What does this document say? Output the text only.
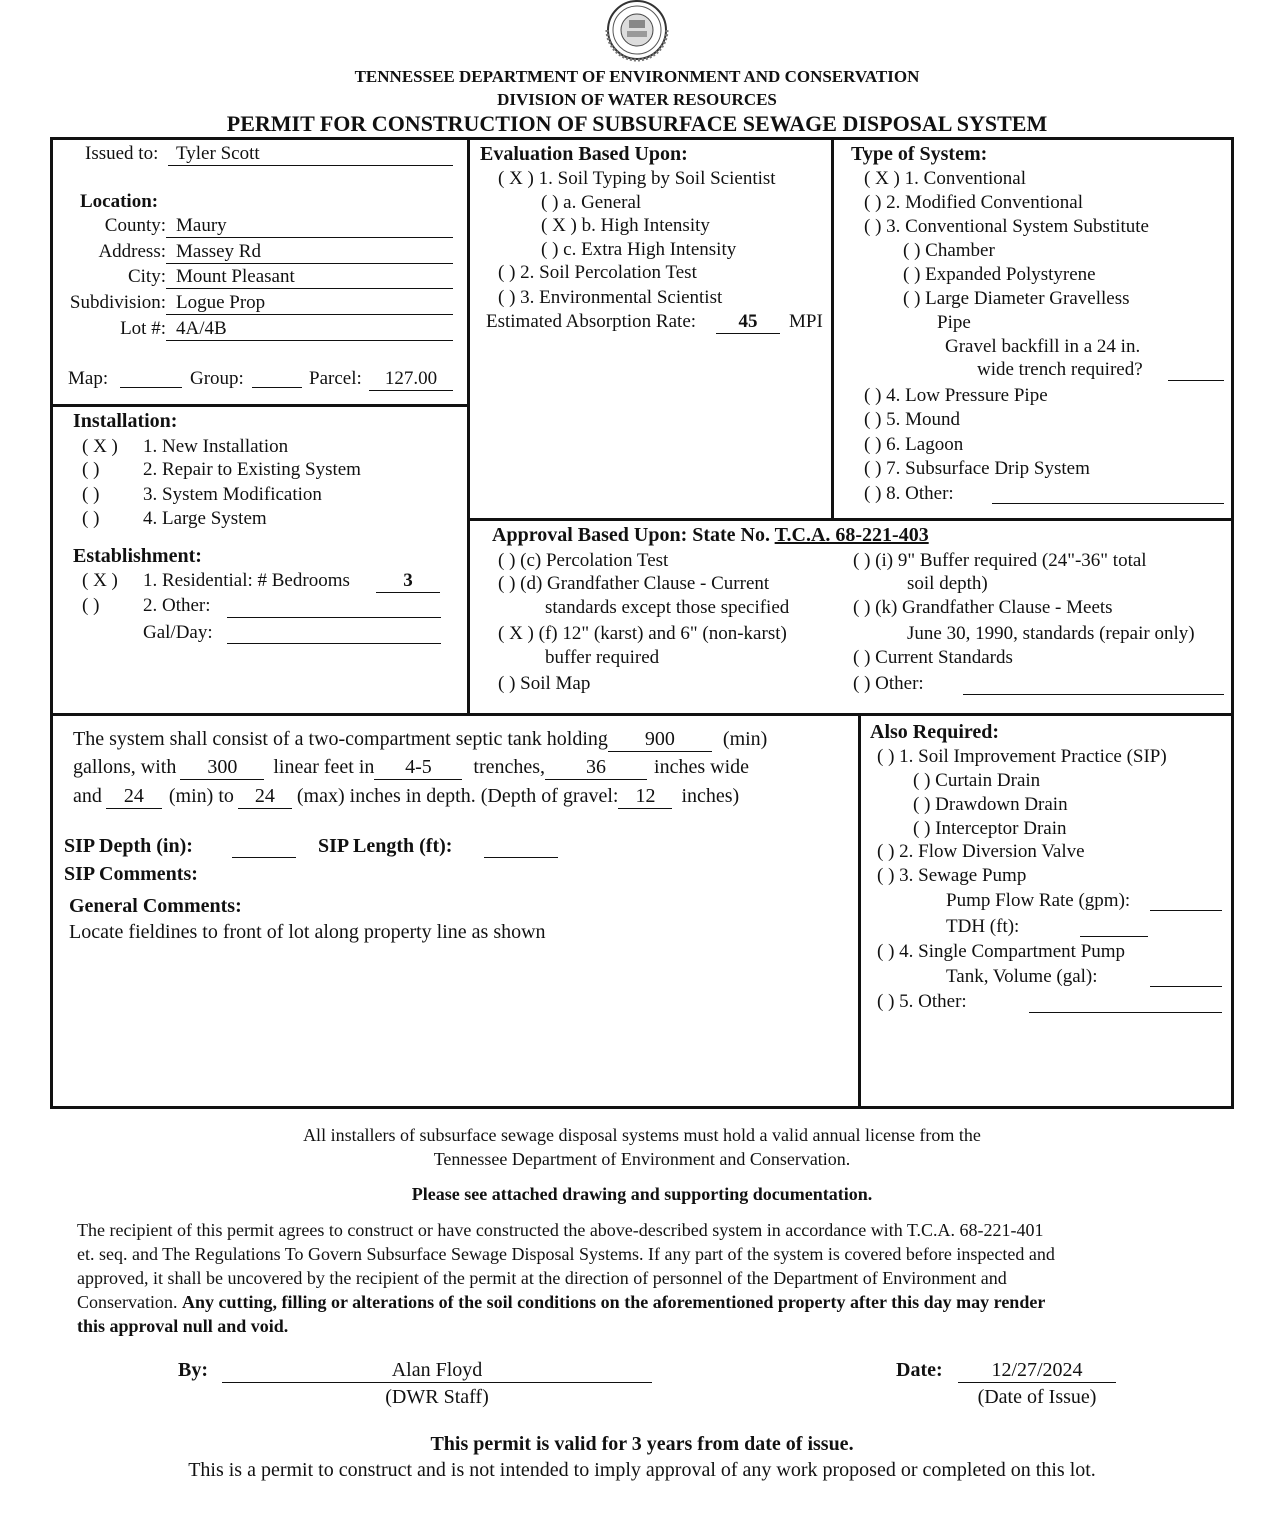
TENNESSEE DEPARTMENT OF ENVIRONMENT AND CONSERVATION
DIVISION OF WATER RESOURCES
PERMIT FOR CONSTRUCTION OF SUBSURFACE SEWAGE DISPOSAL SYSTEM
Issued to: Tyler Scott
Location:
County: Maury
Address: Massey Rd
City: Mount Pleasant
Subdivision: Logue Prop
Lot #: 4A/4B
Map:	Group:	Parcel:	127.00
Evaluation Based Upon:
( X ) 1. Soil Typing by Soil Scientist
( ) a. General
( X ) b. High Intensity
( ) c. Extra High Intensity
( ) 2. Soil Percolation Test
( ) 3. Environmental Scientist
Estimated Absorption Rate:	45	MPI
Type of System:
( X ) 1. Conventional
( ) 2. Modified Conventional
( ) 3. Conventional System Substitute
( ) Chamber
( ) Expanded Polystyrene
( ) Large Diameter Gravelless
Pipe
Gravel backfill in a 24 in.
wide trench required?
( ) 4. Low Pressure Pipe
( ) 5. Mound
( ) 6. Lagoon
( ) 7. Subsurface Drip System
( ) 8. Other:
Installation:
( X ) 1. New Installation
( ) 2. Repair to Existing System
( ) 3. System Modification
( ) 4. Large System
Establishment:
( X ) 1. Residential: # Bedrooms	3
( ) 2. Other:
Gal/Day:
Approval Based Upon: State No. T.C.A. 68-221-403
( ) (c) Percolation Test
( ) (d) Grandfather Clause - Current
standards except those specified
( X ) (f) 12" (karst) and 6" (non-karst)
buffer required
( ) Soil Map
( ) (i) 9" Buffer required (24"-36" total
soil depth)
( ) (k) Grandfather Clause - Meets
June 30, 1990, standards (repair only)
( ) Current Standards
( ) Other:
The system shall consist of a two-compartment septic tank holding 900 (min)
gallons, with 300 linear feet in 4-5 trenches, 36 inches wide
and 24 (min) to 24 (max) inches in depth. (Depth of gravel: 12 inches)
SIP Depth (in):	SIP Length (ft):
SIP Comments:
General Comments:
Locate fieldines to front of lot along property line as shown
Also Required:
( ) 1. Soil Improvement Practice (SIP)
( ) Curtain Drain
( ) Drawdown Drain
( ) Interceptor Drain
( ) 2. Flow Diversion Valve
( ) 3. Sewage Pump
Pump Flow Rate (gpm):
TDH (ft):
( ) 4. Single Compartment Pump
Tank, Volume (gal):
( ) 5. Other:
All installers of subsurface sewage disposal systems must hold a valid annual license from the
Tennessee Department of Environment and Conservation.
Please see attached drawing and supporting documentation.
The recipient of this permit agrees to construct or have constructed the above-described system in accordance with T.C.A. 68-221-401
et. seq. and The Regulations To Govern Subsurface Sewage Disposal Systems. If any part of the system is covered before inspected and
approved, it shall be uncovered by the recipient of the permit at the direction of personnel of the Department of Environment and
Conservation. Any cutting, filling or alterations of the soil conditions on the aforementioned property after this day may render
this approval null and void.
By:	Alan Floyd
(DWR Staff)
Date:	12/27/2024
(Date of Issue)
This permit is valid for 3 years from date of issue.
This is a permit to construct and is not intended to imply approval of any work proposed or completed on this lot.
